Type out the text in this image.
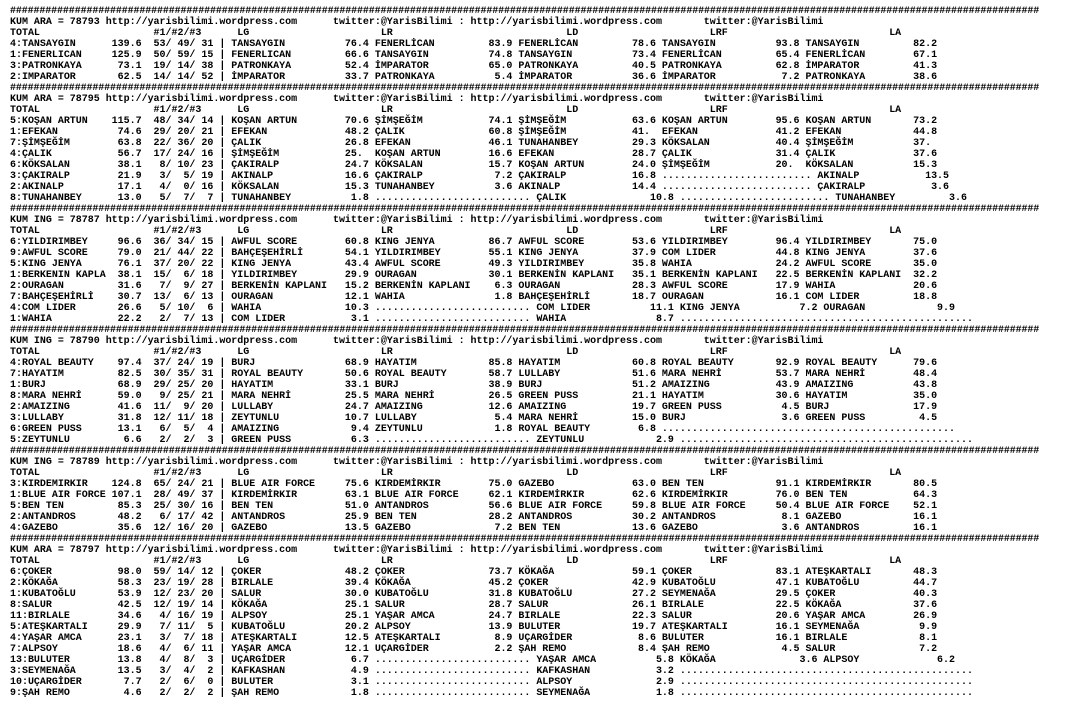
###############################################################################################################################################################################
KUM ARA = 78793 http://yarisbilimi.wordpress.com      twitter:@YarisBilimi : http://yarisbilimi.wordpress.com       twitter:@YarisBilimi
TOTAL                   #1/#2/#3      LG                      LR                             LD                      LRF                           LA
4:TANSAYGIN      139.6  53/ 49/ 31 | TANSAYGIN          76.4 FENERLİCAN         83.9 FENERLİCAN         78.6 TANSAYGIN          93.8 TANSAYGIN         82.2
1:FENERLICAN     125.9  50/ 59/ 15 | FENERLICAN         66.6 TANSAYGIN          74.8 TANSAYGIN          73.4 FENERLİCAN         65.4 FENERLİCAN        67.1
3:PATRONKAYA      73.1  19/ 14/ 38 | PATRONKAYA         52.4 İMPARATOR          65.0 PATRONKAYA         40.5 PATRONKAYA         62.8 İMPARATOR         41.3
2:IMPARATOR       62.5  14/ 14/ 52 | İMPARATOR          33.7 PATRONKAYA          5.4 İMPARATOR          36.6 İMPARATOR           7.2 PATRONKAYA        38.6
###############################################################################################################################################################################
KUM ARA = 78795 http://yarisbilimi.wordpress.com      twitter:@YarisBilimi : http://yarisbilimi.wordpress.com       twitter:@YarisBilimi
TOTAL                   #1/#2/#3      LG                      LR                             LD                      LRF                           LA
5:KOŞAN ARTUN    115.7  48/ 34/ 14 | KOŞAN ARTUN        70.6 ŞİMŞEĞİM           74.1 ŞİMŞEĞİM           63.6 KOŞAN ARTUN        95.6 KOŞAN ARTUN       73.2
1:EFEKAN          74.6  29/ 20/ 21 | EFEKAN             48.2 ÇALIK              60.8 ŞİMŞEĞİM           41.  EFEKAN             41.2 EFEKAN            44.8
7:ŞİMŞEĞİM        63.8  22/ 36/ 20 | ÇALIK              26.8 EFEKAN             46.1 TUNAHANBEY         29.3 KÖKSALAN           40.4 ŞİMŞEĞİM          37.
4:ÇALIK           56.7  17/ 24/ 16 | ŞİMŞEĞİM           25.  KOŞAN ARTUN        16.6 EFEKAN             28.7 ÇALIK              31.4 ÇALIK             37.6
6:KÖKSALAN        38.1   8/ 10/ 23 | ÇAKIRALP           24.7 KÖKSALAN           15.7 KOŞAN ARTUN        24.0 ŞİMŞEĞİM           20.  KÖKSALAN          15.3
3:ÇAKIRALP        21.9   3/  5/ 19 | AKINALP            16.6 ÇAKIRALP            7.2 ÇAKIRALP           16.8 ......................... AKINALP           13.5
2:AKINALP         17.1   4/  0/ 16 | KÖKSALAN           15.3 TUNAHANBEY          3.6 AKINALP            14.4 ......................... ÇAKIRALP           3.6
8:TUNAHANBEY      13.0   5/  7/  7 | TUNAHANBEY          1.8 .......................... ÇALIK              10.8 ......................... TUNAHANBEY         3.6
###############################################################################################################################################################################
KUM ING = 78787 http://yarisbilimi.wordpress.com      twitter:@YarisBilimi : http://yarisbilimi.wordpress.com       twitter:@YarisBilimi
TOTAL                   #1/#2/#3      LG                      LR                             LD                      LRF                           LA
6:YILDIRIMBEY     96.6  36/ 34/ 15 | AWFUL SCORE        60.8 KING JENYA         86.7 AWFUL SCORE        53.6 YILDIRIMBEY        96.4 YILDIRIMBEY       75.0
9:AWFUL SCORE     79.0  21/ 44/ 22 | BAHÇEŞEHİRLİ       54.1 YILDIRIMBEY        55.1 KING JENYA         37.9 COM LIDER          44.8 KING JENYA        37.6
5:KING JENYA      76.1  37/ 20/ 22 | KING JENYA         43.4 AWFUL SCORE        49.3 YILDIRIMBEY        35.8 WAHIA              24.2 AWFUL SCORE       35.0
1:BERKENIN KAPLA  38.1  15/  6/ 18 | YILDIRIMBEY        29.9 OURAGAN            30.1 BERKENİN KAPLANI   35.1 BERKENİN KAPLANI   22.5 BERKENİN KAPLANI  32.2
2:OURAGAN         31.6   7/  9/ 27 | BERKENİN KAPLANI   15.2 BERKENİN KAPLANI    6.3 OURAGAN            28.3 AWFUL SCORE        17.9 WAHIA             20.6
7:BAHÇEŞEHİRLİ    30.7  13/  6/ 13 | OURAGAN            12.1 WAHIA               1.8 BAHÇEŞEHİRLİ       18.7 OURAGAN            16.1 COM LIDER         18.8
4:COM LIDER       26.6   5/ 10/  6 | WAHIA              10.3 .......................... COM LIDER          11.1 KING JENYA          7.2 OURAGAN            9.9
1:WAHIA           22.2   2/  7/ 13 | COM LIDER           3.1 .......................... WAHIA               8.7 .................................................
###############################################################################################################################################################################
KUM ING = 78790 http://yarisbilimi.wordpress.com      twitter:@YarisBilimi : http://yarisbilimi.wordpress.com       twitter:@YarisBilimi
TOTAL                   #1/#2/#3      LG                      LR                             LD                      LRF                           LA
4:ROYAL BEAUTY    97.4  37/ 24/ 19 | BURJ               68.9 HAYATIM            85.8 HAYATIM            60.8 ROYAL BEAUTY       92.9 ROYAL BEAUTY      79.6
7:HAYATIM         82.5  30/ 35/ 31 | ROYAL BEAUTY       50.6 ROYAL BEAUTY       58.7 LULLABY            51.6 MARA NEHRİ         53.7 MARA NEHRİ        48.4
1:BURJ            68.9  29/ 25/ 20 | HAYATIM            33.1 BURJ               38.9 BURJ               51.2 AMAIZING           43.9 AMAIZING          43.8
8:MARA NEHRİ      59.0   9/ 25/ 21 | MARA NEHRİ         25.5 MARA NEHRİ         26.5 GREEN PUSS         21.1 HAYATIM            30.6 HAYATIM           35.0
2:AMAIZING        41.6  11/  9/ 20 | LULLABY            24.7 AMAIZING           12.6 AMAIZING           19.7 GREEN PUSS          4.5 BURJ              17.9
3:LULLABY         31.8  12/ 11/ 18 | ZEYTUNLU           10.7 LULLABY             5.4 MARA NEHRİ         15.0 BURJ                3.6 GREEN PUSS         4.5
6:GREEN PUSS      13.1   6/  5/  4 | AMAIZING            9.4 ZEYTUNLU            1.8 ROYAL BEAUTY        6.8 .................................................
5:ZEYTUNLU         6.6   2/  2/  3 | GREEN PUSS          6.3 .......................... ZEYTUNLU            2.9 .................................................
###############################################################################################################################################################################
KUM ING = 78789 http://yarisbilimi.wordpress.com      twitter:@YarisBilimi : http://yarisbilimi.wordpress.com       twitter:@YarisBilimi
TOTAL                   #1/#2/#3      LG                      LR                             LD                      LRF                           LA
3:KIRDEMIRKIR    124.8  65/ 24/ 21 | BLUE AIR FORCE     75.6 KIRDEMİRKIR        75.0 GAZEBO             63.0 BEN TEN            91.1 KIRDEMİRKIR       80.5
1:BLUE AIR FORCE 107.1  28/ 49/ 37 | KIRDEMİRKIR        63.1 BLUE AIR FORCE     62.1 KIRDEMİRKIR        62.6 KIRDEMİRKIR        76.0 BEN TEN           64.3
5:BEN TEN         85.3  25/ 30/ 16 | BEN TEN            51.0 ANTANDROS          56.6 BLUE AIR FORCE     59.8 BLUE AIR FORCE     50.4 BLUE AIR FORCE    52.1
2:ANTANDROS       48.2   6/ 17/ 42 | ANTANDROS          25.9 BEN TEN            28.2 ANTANDROS          30.2 ANTANDROS           8.1 GAZEBO            16.1
4:GAZEBO          35.6  12/ 16/ 20 | GAZEBO             13.5 GAZEBO              7.2 BEN TEN            13.6 GAZEBO              3.6 ANTANDROS         16.1
###############################################################################################################################################################################
KUM ARA = 78797 http://yarisbilimi.wordpress.com      twitter:@YarisBilimi : http://yarisbilimi.wordpress.com       twitter:@YarisBilimi
TOTAL                   #1/#2/#3      LG                      LR                             LD                      LRF                           LA
6:ÇOKER           98.0  59/ 14/ 12 | ÇOKER              48.2 ÇOKER              73.7 KÖKAĞA             59.1 ÇOKER              83.1 ATEŞKARTALI       48.3
2:KÖKAĞA          58.3  23/ 19/ 28 | BIRLALE            39.4 KÖKAĞA             45.2 ÇOKER              42.9 KUBATOĞLU          47.1 KUBATOĞLU         44.7
1:KUBATOĞLU       53.9  12/ 23/ 20 | SALUR              30.0 KUBATOĞLU          31.8 KUBATOĞLU          27.2 SEYMENAĞA          29.5 ÇOKER             40.3
8:SALUR           42.5  12/ 19/ 14 | KÖKAĞA             25.1 SALUR              28.7 SALUR              26.1 BIRLALE            22.5 KÖKAĞA            37.6
11:BIRLALE        34.6   4/ 16/ 19 | ALPSOY             25.1 YAŞAR AMCA         24.7 BIRLALE            22.3 SALUR              20.6 YAŞAR AMCA        26.9
5:ATEŞKARTALI     29.9   7/ 11/  5 | KUBATOĞLU          20.2 ALPSOY             13.9 BULUTER            19.7 ATEŞKARTALI        16.1 SEYMENAĞA          9.9
4:YAŞAR AMCA      23.1   3/  7/ 18 | ATEŞKARTALI        12.5 ATEŞKARTALI         8.9 UÇARGİDER           8.6 BULUTER            16.1 BIRLALE            8.1
7:ALPSOY          18.6   4/  6/ 11 | YAŞAR AMCA         12.1 UÇARGİDER           2.2 ŞAH REMO            8.4 ŞAH REMO            4.5 SALUR              7.2
13:BULUTER        13.8   4/  8/  3 | UÇARGİDER           6.7 .......................... YAŞAR AMCA          5.8 KÖKAĞA              3.6 ALPSOY             6.2
3:SEYMENAĞA       13.5   3/  4/  2 | KAFKASHAN           4.9 .......................... KAFKASHAN           3.2 .................................................
10:UÇARGİDER       7.7   2/  6/  0 | BULUTER             3.1 .......................... ALPSOY              2.9 .................................................
9:ŞAH REMO         4.6   2/  2/  2 | ŞAH REMO            1.8 .......................... SEYMENAĞA           1.8 .................................................
